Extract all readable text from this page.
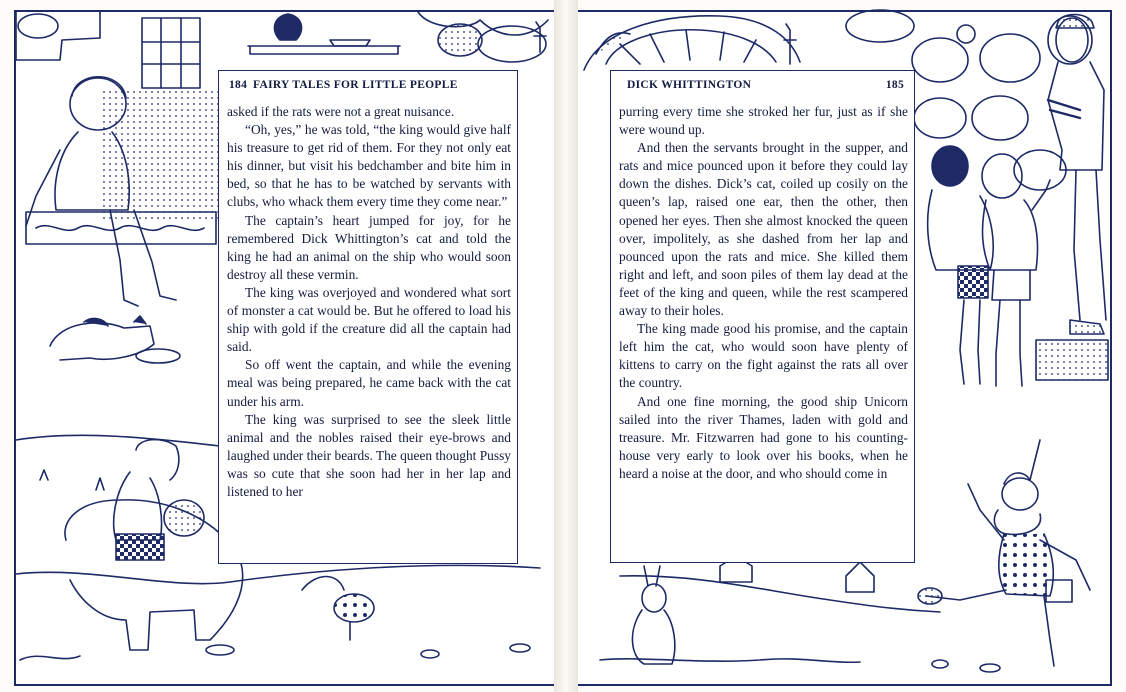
184 FAIRY TALES FOR LITTLE PEOPLE

asked if the rats were not a great nuisance.

“Oh, yes,” he was told, “the king would give half his treasure to get rid of them. For they not only eat his dinner, but visit his bedchamber and bite him in bed, so that he has to be watched by servants with clubs, who whack them every time they come near.”

The captain’s heart jumped for joy, for he remembered Dick Whittington’s cat and told the king he had an animal on the ship who would soon destroy all these vermin.

The king was overjoyed and wondered what sort of monster a cat would be. But he offered to load his ship with gold if the creature did all the captain had said.

So off went the captain, and while the evening meal was being prepared, he came back with the cat under his arm.

The king was surprised to see the sleek little animal and the nobles raised their eye-brows and laughed under their beards. The queen thought Pussy was so cute that she soon had her in her lap and listened to her

DICK WHITTINGTON	185

purring every time she stroked her fur, just as if she were wound up.

And then the servants brought in the supper, and rats and mice pounced upon it before they could lay down the dishes. Dick’s cat, coiled up cosily on the queen’s lap, raised one ear, then the other, then opened her eyes. Then she almost knocked the queen over, impolitely, as she dashed from her lap and pounced upon the rats and mice. She killed them right and left, and soon piles of them lay dead at the feet of the king and queen, while the rest scampered away to their holes.

The king made good his promise, and the captain left him the cat, who would soon have plenty of kittens to carry on the fight against the rats all over the country.

And one fine morning, the good ship Unicorn sailed into the river Thames, laden with gold and treasure. Mr. Fitzwarren had gone to his counting-house very early to look over his books, when he heard a noise at the door, and who should come in
